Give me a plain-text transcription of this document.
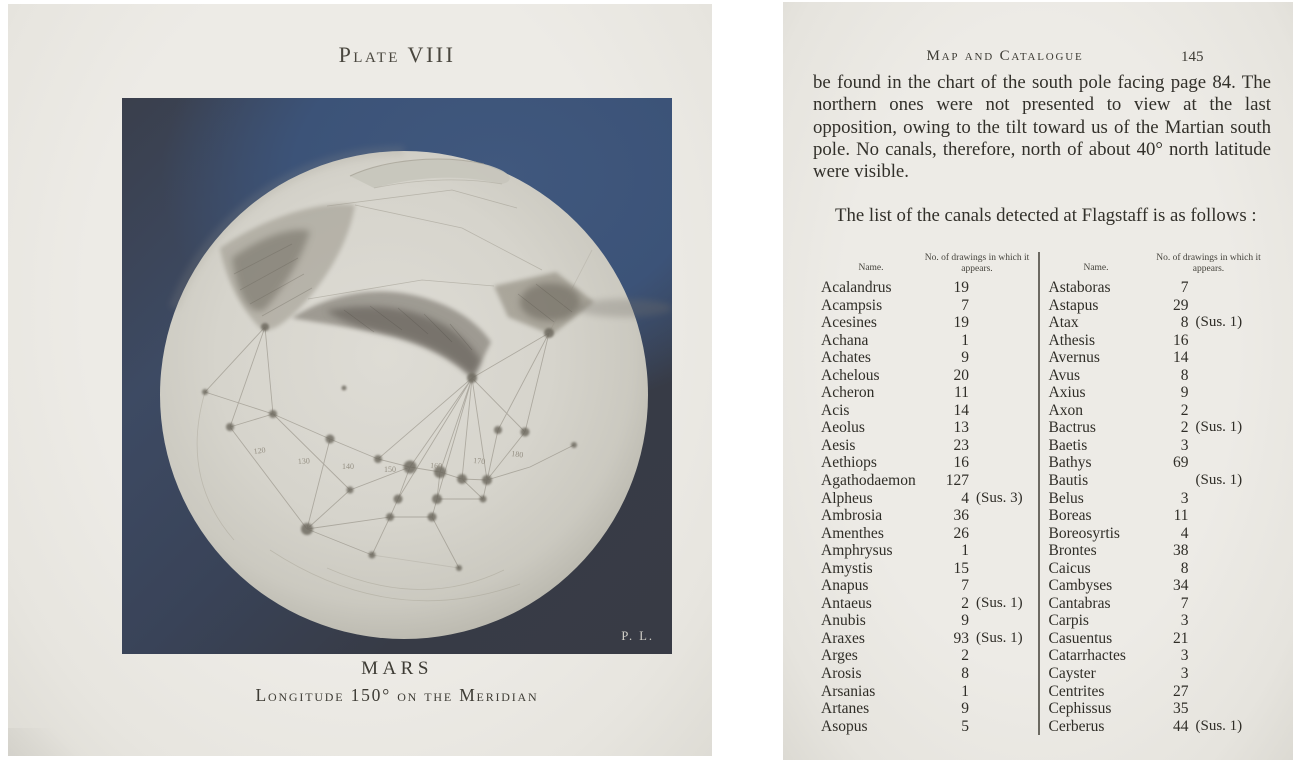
Plate VIII
120
130
140	150	160	170
180
P. L.
MARS
Longitude 150° on the Meridian
Map and Catalogue	145

be found in the chart of the south pole facing page 84. The northern ones were not presented to view at the last opposition, owing to the tilt toward us of the Martian south pole. No canals, therefore, north of about 40° north latitude were visible.

The list of the canals detected at Flagstaff is as follows :

Name.
No. of drawings in which it appears.
Acalandrus	19
Acampsis	7
Acesines	19
Achana	1
Achates	9
Achelous	20
Acheron	11
Acis	14
Aeolus	13
Aesis	23
Aethiops	16
Agathodaemon	127
Alpheus	4 (Sus. 3)
Ambrosia	36
Amenthes	26
Amphrysus	1
Amystis	15
Anapus	7
Antaeus	2 (Sus. 1)
Anubis	9
Araxes	93 (Sus. 1)
Arges	2
Arosis	8
Arsanias	1
Artanes	9
Asopus	5
Name.
No. of drawings in which it appears.
Astaboras	7
Astapus	29
Atax	8 (Sus. 1)
Athesis	16
Avernus	14
Avus	8
Axius	9
Axon	2
Bactrus	2 (Sus. 1)
Baetis	3
Bathys	69
Bautis	(Sus. 1)
Belus	3
Boreas	11
Boreosyrtis	4
Brontes	38
Caicus	8
Cambyses	34
Cantabras	7
Carpis	3
Casuentus	21
Catarrhactes	3
Cayster	3
Centrites	27
Cephissus	35
Cerberus	44 (Sus. 1)
